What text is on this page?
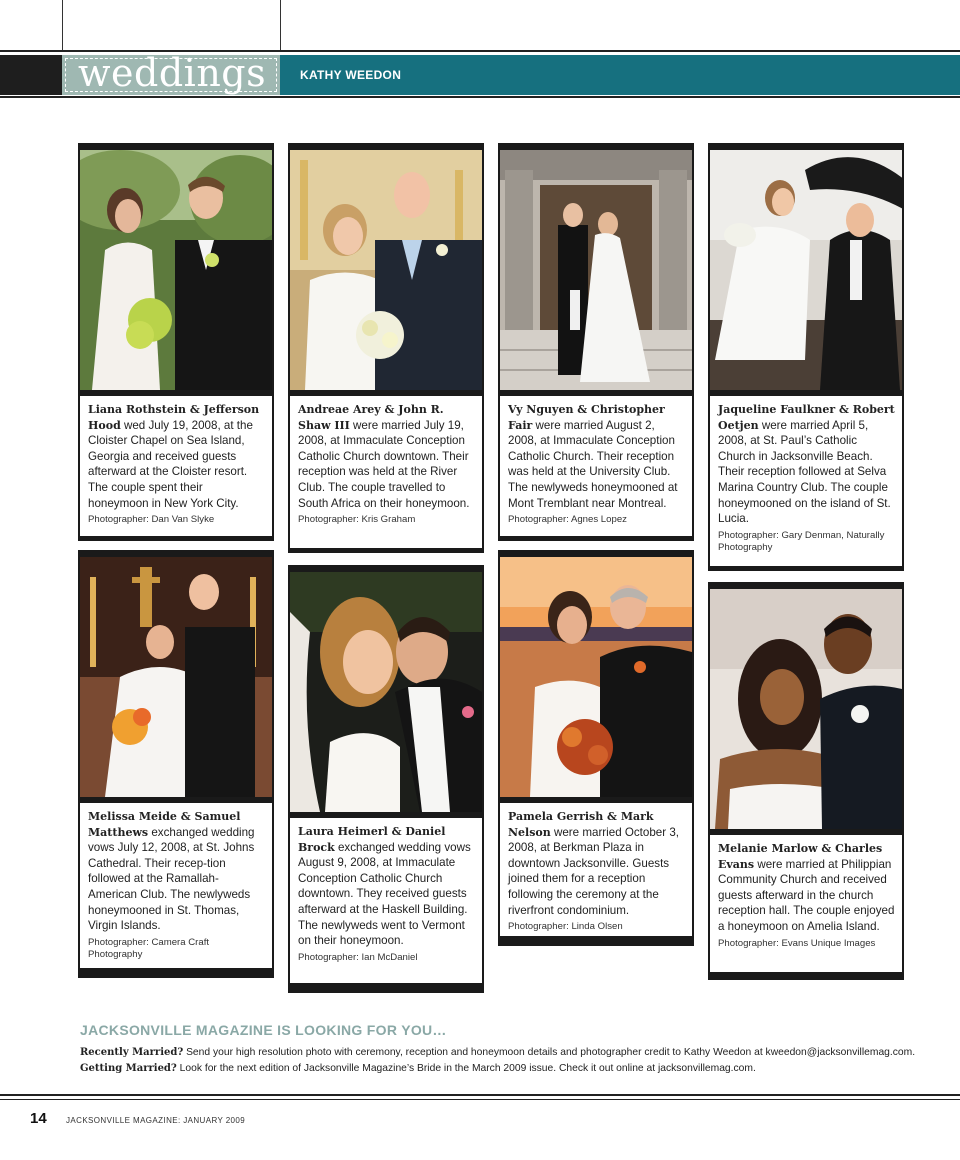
weddings	KATHY WEEDON

Liana Rothstein & Jefferson Hood wed July 19, 2008, at the Cloister Chapel on Sea Island, Georgia and received guests afterward at the Cloister resort. The couple spent their honeymoon in New York City.

Photographer: Dan Van Slyke

Andreae Arey & John R. Shaw III were married July 19, 2008, at Immaculate Conception Catholic Church downtown. Their reception was held at the River Club. The couple travelled to South Africa on their honeymoon.

Photographer: Kris Graham

Vy Nguyen & Christopher Fair were married August 2, 2008, at Immaculate Conception Catholic Church. Their reception was held at the University Club. The newlyweds honeymooned at Mont Tremblant near Montreal.

Photographer: Agnes Lopez

Jaqueline Faulkner & Robert Oetjen were married April 5, 2008, at St. Paul’s Catholic Church in Jacksonville Beach. Their reception followed at Selva Marina Country Club. The couple honeymooned on the island of St. Lucia.

Photographer: Gary Denman, Naturally Photography

Melissa Meide & Samuel Matthews exchanged wedding vows July 12, 2008, at St. Johns Cathedral. Their recep-tion followed at the Ramallah-American Club. The newlyweds honeymooned in St. Thomas, Virgin Islands.

Photographer: Camera Craft Photography

Laura Heimerl & Daniel Brock exchanged wedding vows August 9, 2008, at Immaculate Conception Catholic Church downtown. They received guests afterward at the Haskell Building. The newlyweds went to Vermont on their honeymoon.

Photographer: Ian McDaniel

Pamela Gerrish & Mark Nelson were married October 3, 2008, at Berkman Plaza in downtown Jacksonville. Guests joined them for a reception following the ceremony at the riverfront condominium.

Photographer: Linda Olsen

Melanie Marlow & Charles Evans were married at Philippian Community Church and received guests afterward in the church reception hall. The couple enjoyed a honeymoon on Amelia Island.

Photographer: Evans Unique Images

JACKSONVILLE MAGAZINE IS LOOKING FOR YOU…
Recently Married? Send your high resolution photo with ceremony, reception and honeymoon details and photographer credit to Kathy Weedon at kweedon@jacksonvillemag.com.
Getting Married? Look for the next edition of Jacksonville Magazine’s Bride in the March 2009 issue. Check it out online at jacksonvillemag.com.
14 JACKSONVILLE MAGAZINE: JANUARY 2009
